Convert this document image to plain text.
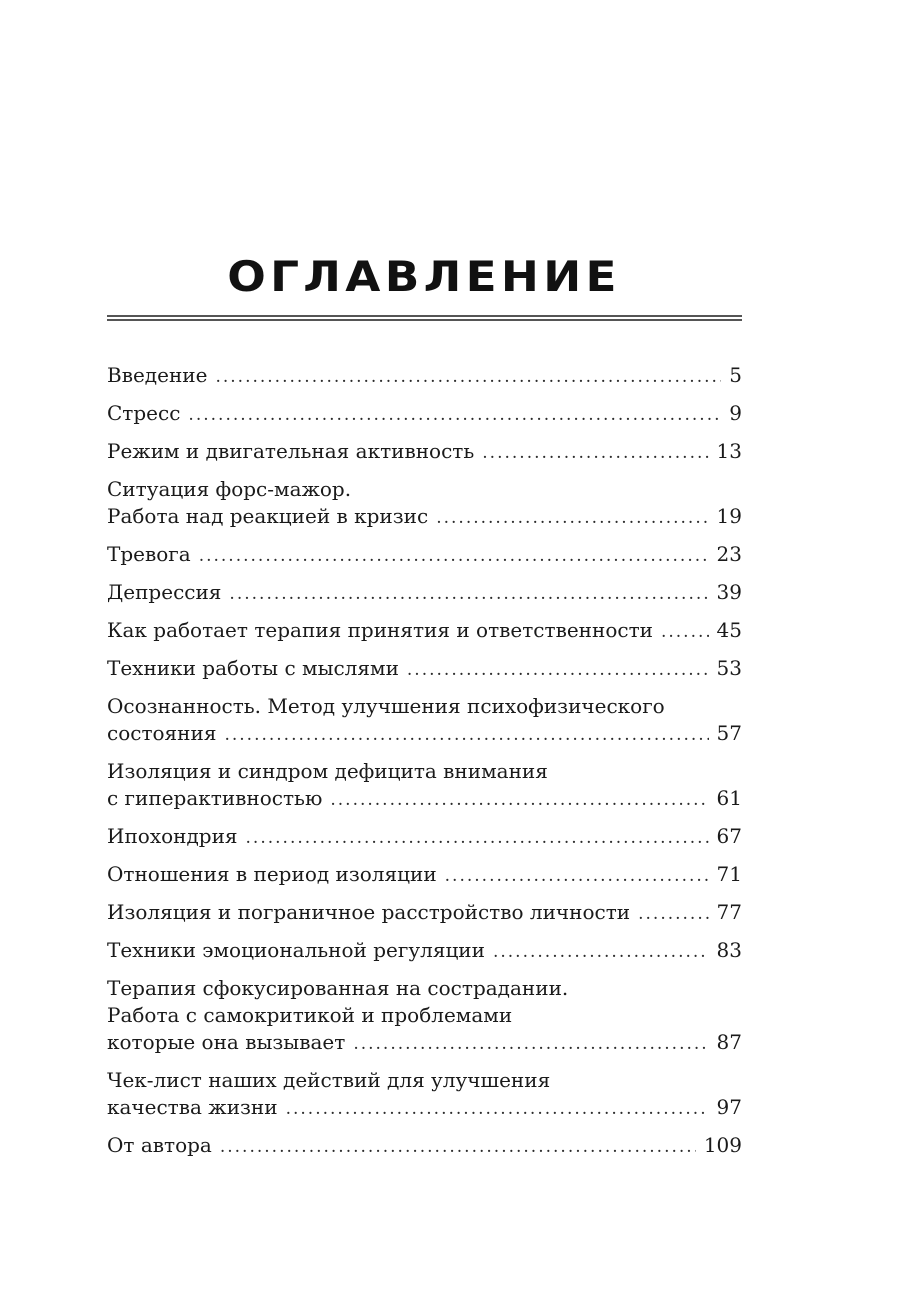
ОГЛАВЛЕНИЕ
Введение .....	5
Стресс .....	9
Режим и двигательная активность .....	13
Ситуация форс-мажор.
Работа над реакцией в кризис .....	19
Тревога .....	23
Депрессия .....	39
Как работает терапия принятия и ответственности .....	45
Техники работы с мыслями .....	53
Осознанность. Метод улучшения психофизического
состояния .....	57
Изоляция и синдром дефицита внимания
с гиперактивностью .....	61
Ипохондрия .....	67
Отношения в период изоляции .....	71
Изоляция и пограничное расстройство личности .....	77
Техники эмоциональной регуляции .....	83
Терапия сфокусированная на сострадании.
Работа с самокритикой и проблемами
которые она вызывает .....	87
Чек-лист наших действий для улучшения
качества жизни .....	97
От автора .....	109
